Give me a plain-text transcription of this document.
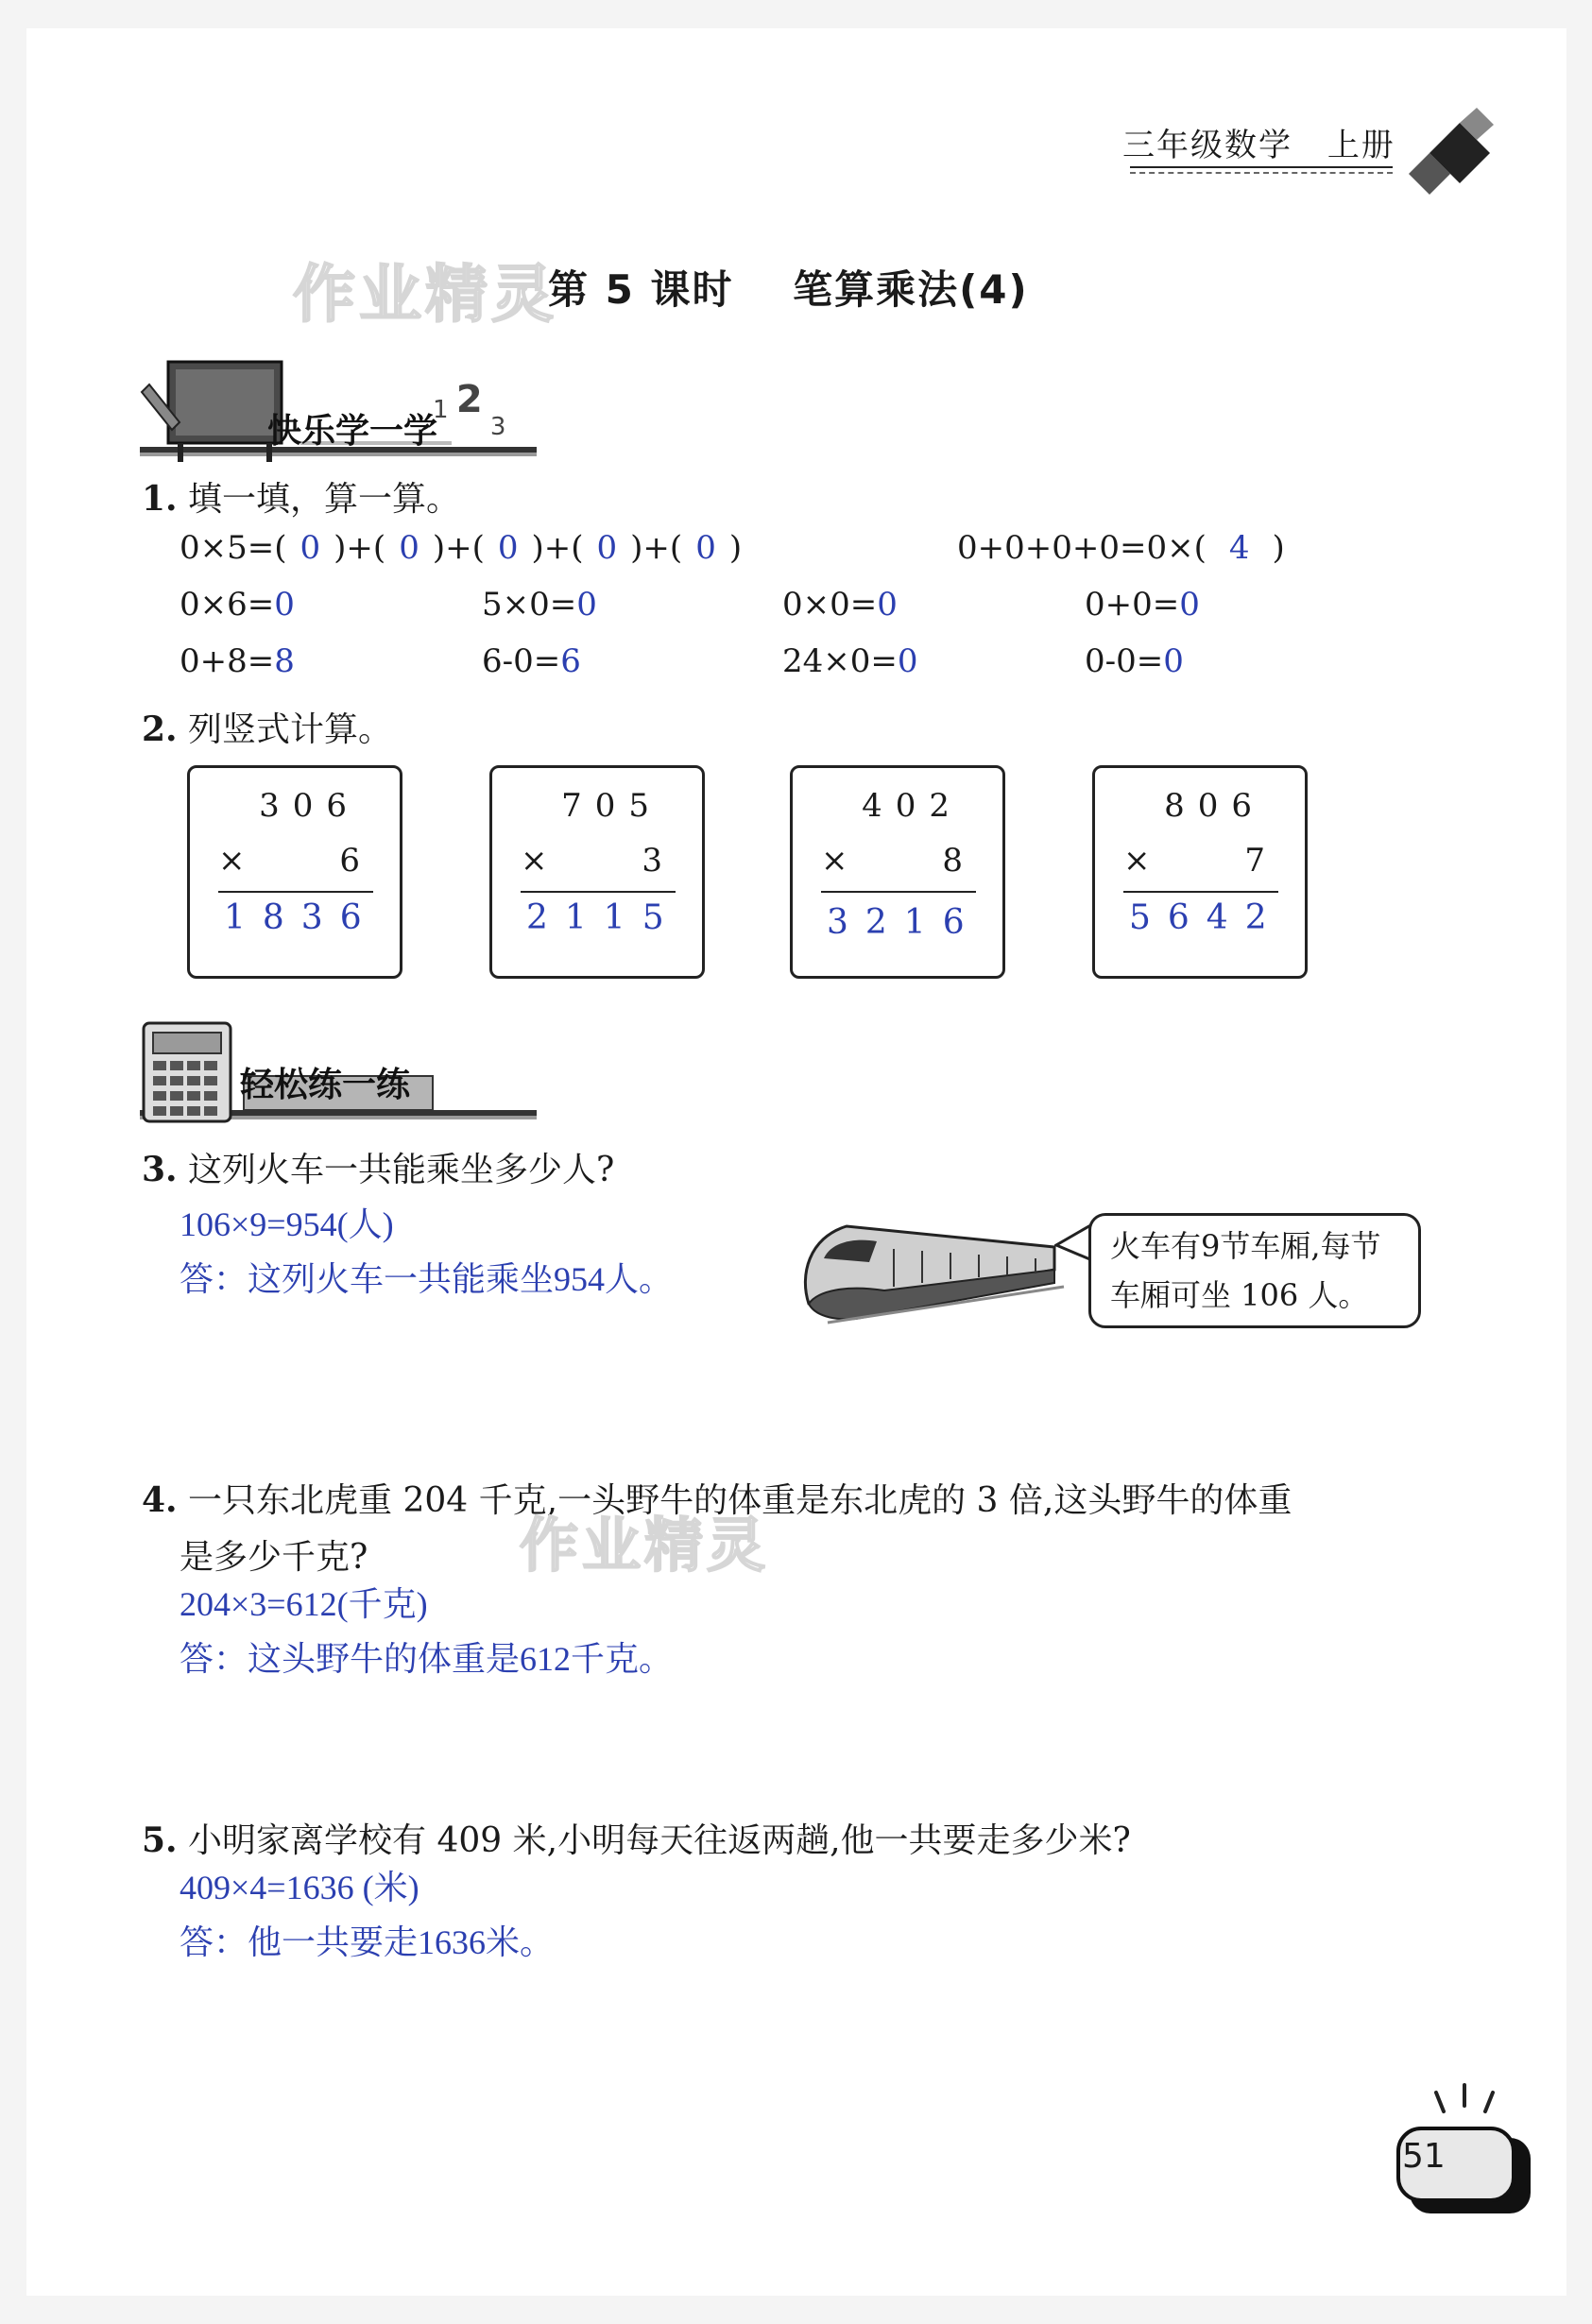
三年级数学 上册
作业精灵
第 5 课时 笔算乘法(4)
快乐学一学
1 2 3
1. 填一填，算一算。
0×5=( 0 )+( 0 )+( 0 )+( 0 )+( 0 )	0+0+0+0=0×( 4 )
0×6=0	5×0=0	0×0=0	0+0=0
0+8=8	6-0=6	24×0=0	0-0=0
2. 列竖式计算。
306
×	6
1836
705
×	3
2115
402
×	8
3216
806
×	7
5642
轻松练一练
3. 这列火车一共能乘坐多少人?
106×9=954(人)
答：这列火车一共能乘坐954人。
火车有9节车厢,每节
车厢可坐 106 人。
4. 一只东北虎重 204 千克,一头野牛的体重是东北虎的 3 倍,这头野牛的体重
是多少千克?	作业精灵
204×3=612(千克)
答：这头野牛的体重是612千克。
5. 小明家离学校有 409 米,小明每天往返两趟,他一共要走多少米?
409×4=1636 (米)
答：他一共要走1636米。
51
